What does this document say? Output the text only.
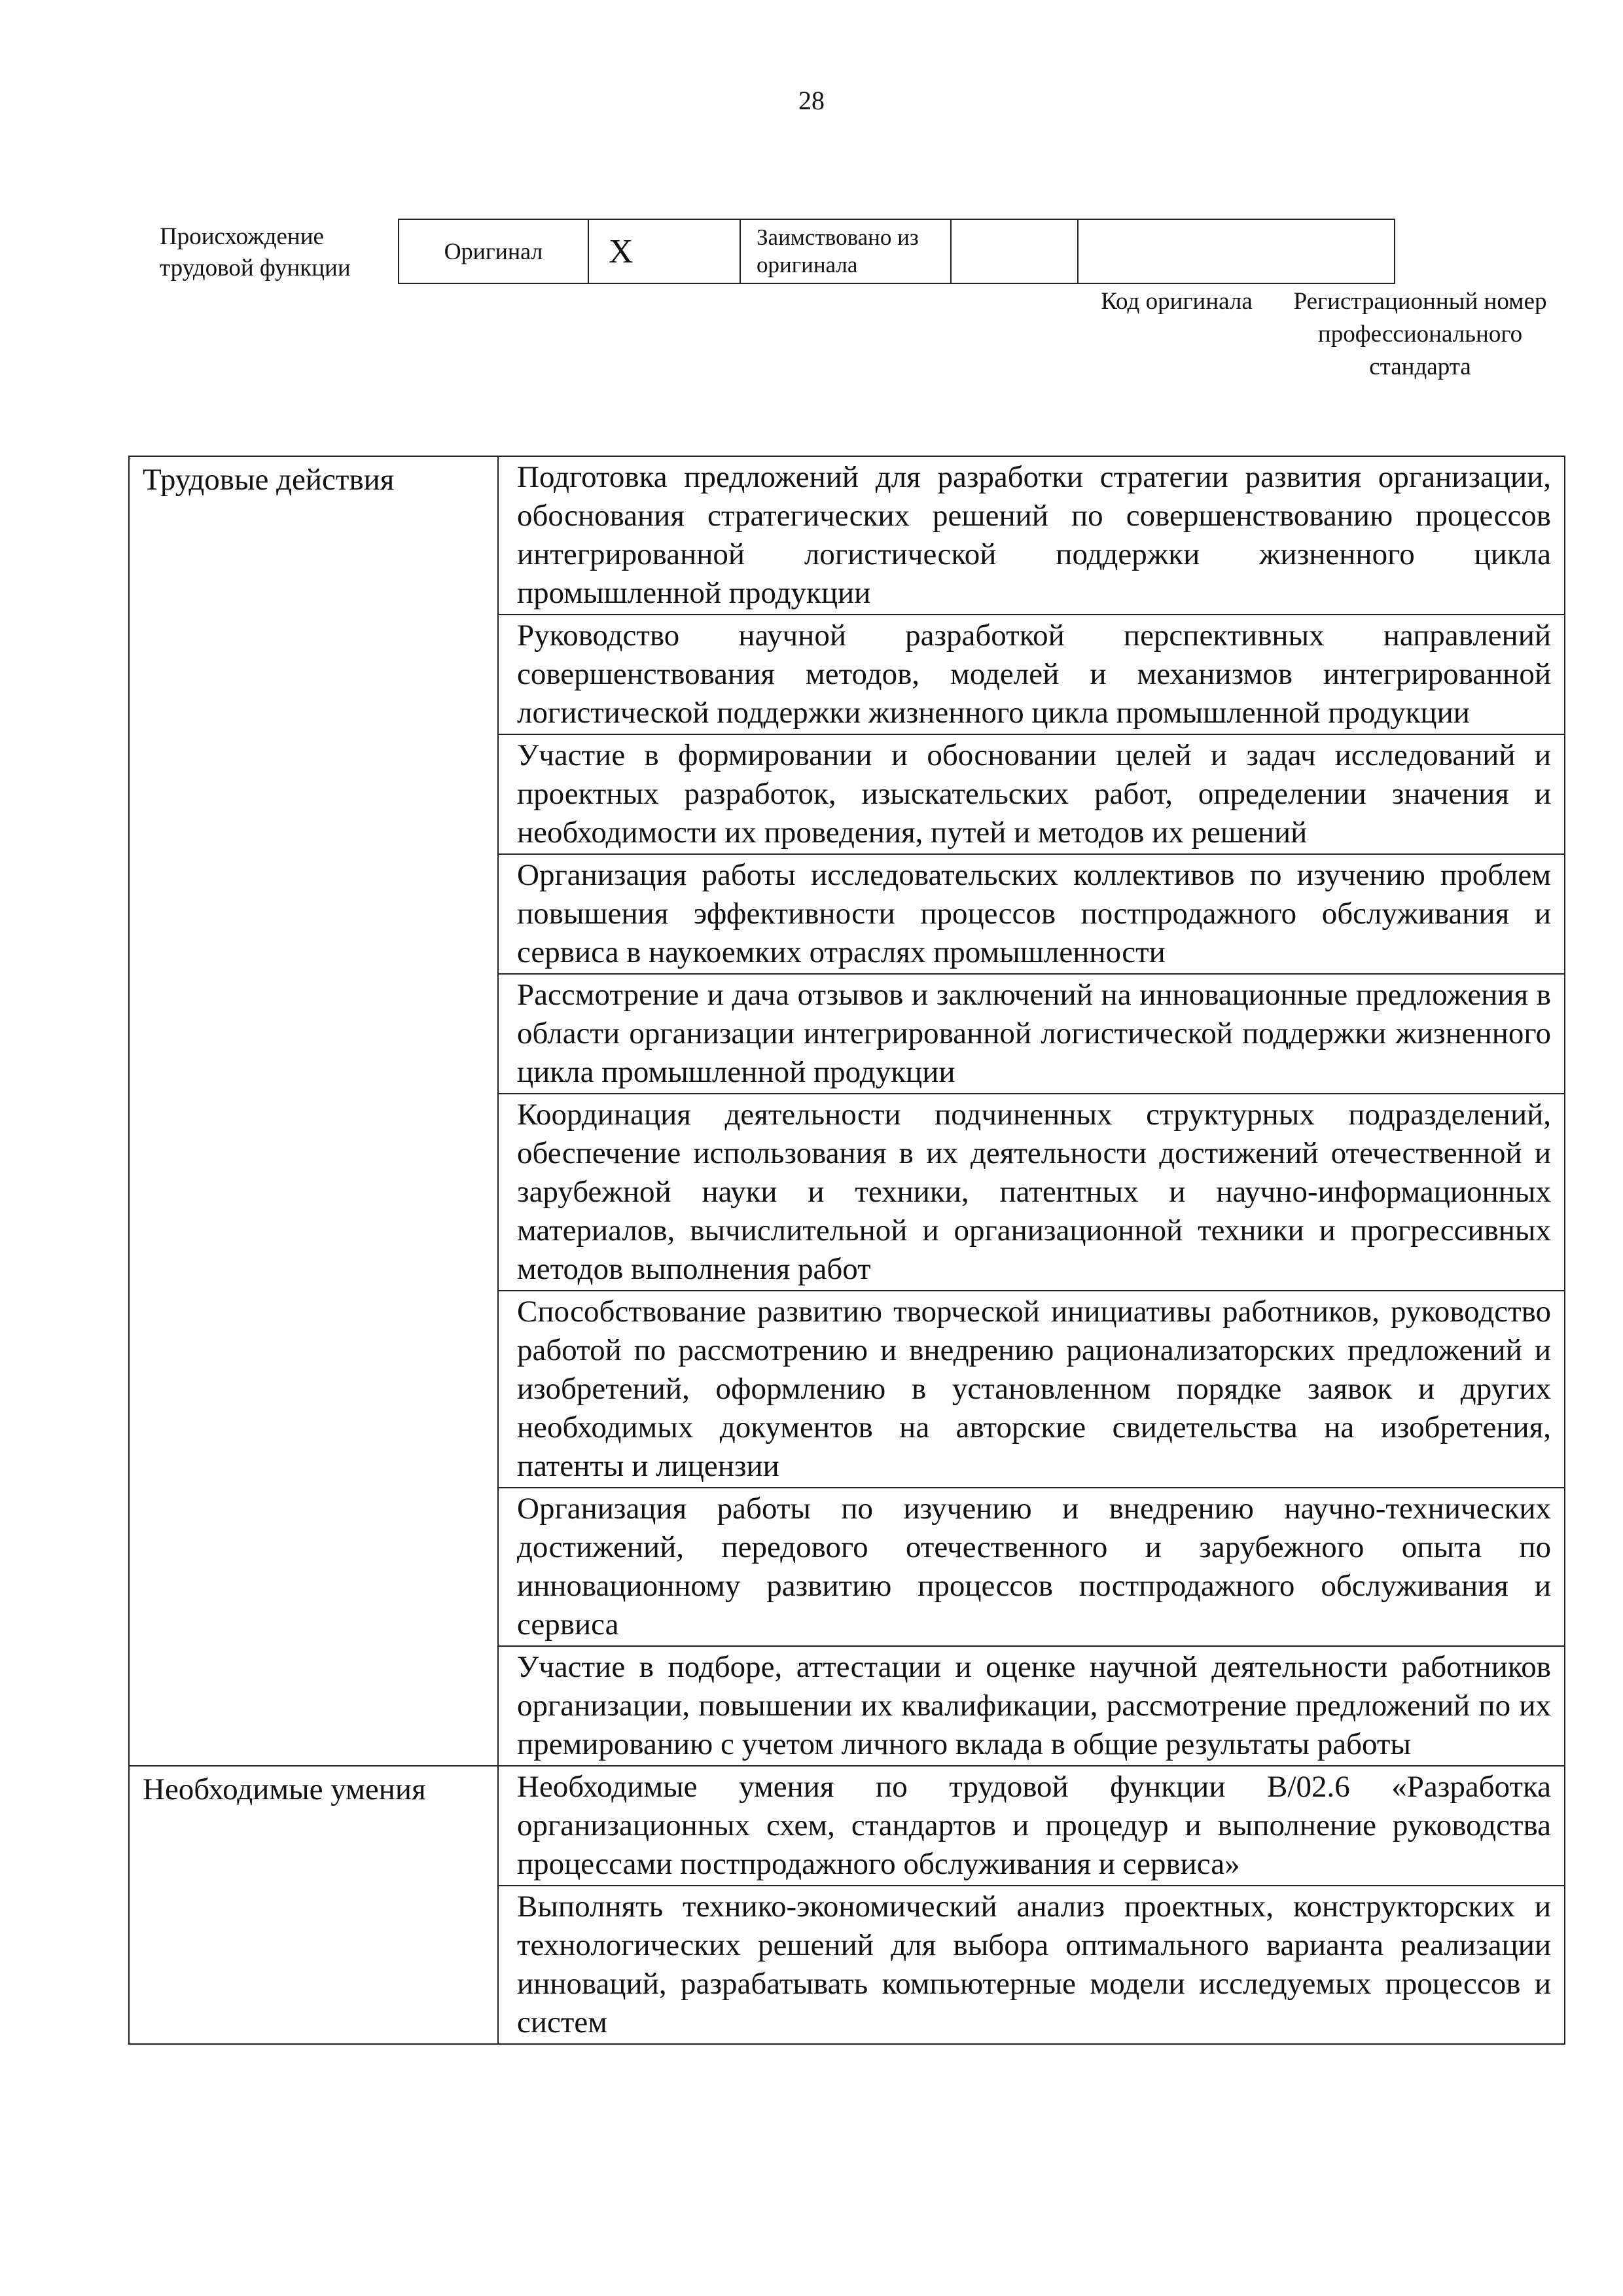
28
Происхождение трудовой функции
Оригинал	X	Заимствовано из оригинала		
Код оригинала	Регистрационный номер профессионального стандарта
Трудовые действия	Подготовка предложений для разработки стратегии развития организации, обоснования стратегических решений по совершенствованию процессов интегрированной логистической поддержки жизненного цикла промышленной продукции
	Руководство научной разработкой перспективных направлений совершенствования методов, моделей и механизмов интегрированной логистической поддержки жизненного цикла промышленной продукции
	Участие в формировании и обосновании целей и задач исследований и проектных разработок, изыскательских работ, определении значения и необходимости их проведения, путей и методов их решений
	Организация работы исследовательских коллективов по изучению проблем повышения эффективности процессов постпродажного обслуживания и сервиса в наукоемких отраслях промышленности
	Рассмотрение и дача отзывов и заключений на инновационные предложения в области организации интегрированной логистической поддержки жизненного цикла промышленной продукции
	Координация деятельности подчиненных структурных подразделений, обеспечение использования в их деятельности достижений отечественной и зарубежной науки и техники, патентных и научно-информационных материалов, вычислительной и организационной техники и прогрессивных методов выполнения работ
	Способствование развитию творческой инициативы работников, руководство работой по рассмотрению и внедрению рационализаторских предложений и изобретений, оформлению в установленном порядке заявок и других необходимых документов на авторские свидетельства на изобретения, патенты и лицензии
	Организация работы по изучению и внедрению научно-технических достижений, передового отечественного и зарубежного опыта по инновационному развитию процессов постпродажного обслуживания и сервиса
	Участие в подборе, аттестации и оценке научной деятельности работников организации, повышении их квалификации, рассмотрение предложений по их премированию с учетом личного вклада в общие результаты работы
Необходимые умения	Необходимые умения по трудовой функции B/02.6 «Разработка организационных схем, стандартов и процедур и выполнение руководства процессами постпродажного обслуживания и сервиса»
	Выполнять технико-экономический анализ проектных, конструкторских и технологических решений для выбора оптимального варианта реализации инноваций, разрабатывать компьютерные модели исследуемых процессов и систем
